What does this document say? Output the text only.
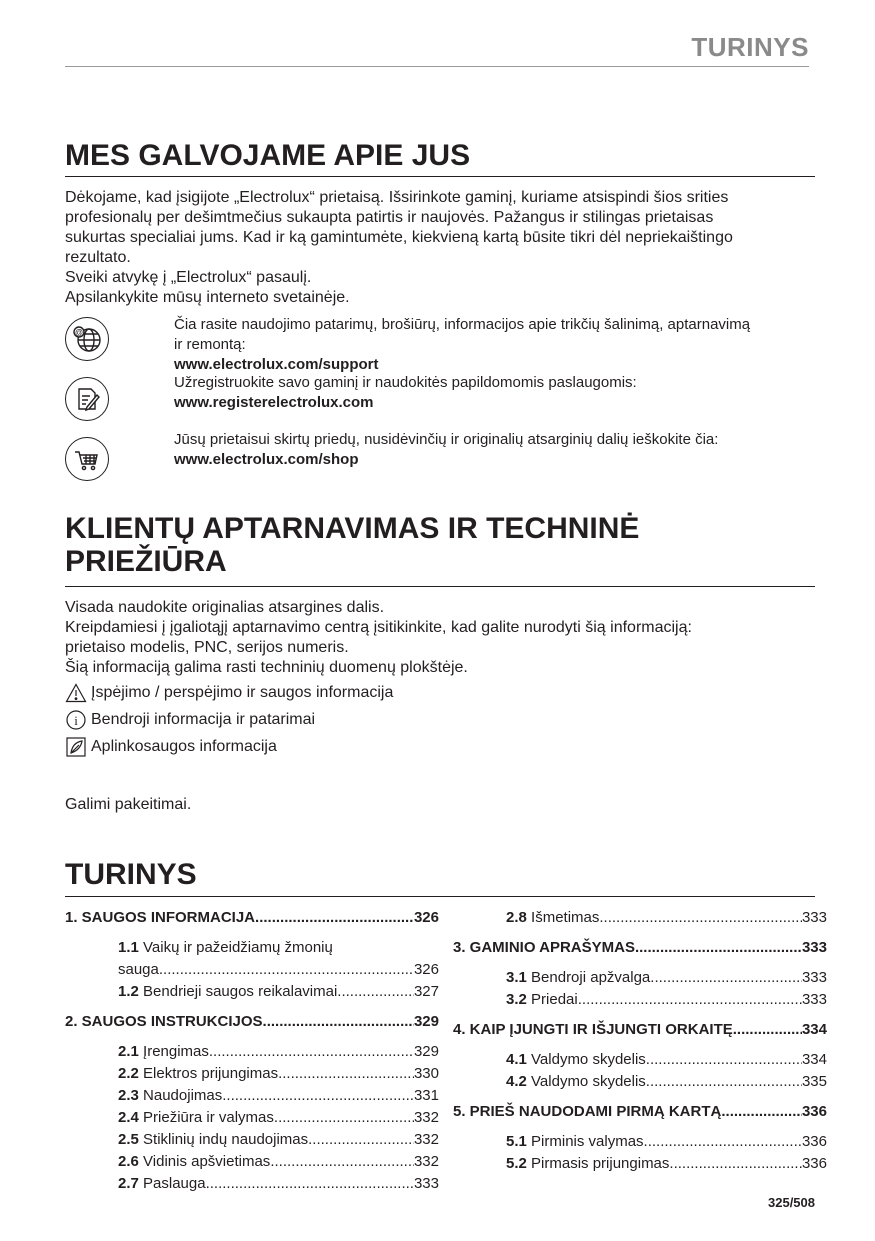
TURINYS
MES GALVOJAME APIE JUS
Dėkojame, kad įsigijote „Electrolux“ prietaisą. Išsirinkote gaminį, kuriame atsispindi šios srities
profesionalų per dešimtmečius sukaupta patirtis ir naujovės. Pažangus ir stilingas prietaisas
sukurtas specialiai jums. Kad ir ką gamintumėte, kiekvieną kartą būsite tikri dėl nepriekaištingo
rezultato.
Sveiki atvykę į „Electrolux“ pasaulį.
Apsilankykite mūsų interneto svetainėje.
@	Čia rasite naudojimo patarimų, brošiūrų, informacijos apie trikčių šalinimą, aptarnavimą
ir remontą:
www.electrolux.com/support
Užregistruokite savo gaminį ir naudokitės papildomomis paslaugomis:
www.registerelectrolux.com
Jūsų prietaisui skirtų priedų, nusidėvinčių ir originalių atsarginių dalių ieškokite čia:
www.electrolux.com/shop
KLIENTŲ APTARNAVIMAS IR TECHNINĖ
PRIEŽIŪRA
Visada naudokite originalias atsargines dalis.
Kreipdamiesi į įgaliotąjį aptarnavimo centrą įsitikinkite, kad galite nurodyti šią informaciją:
prietaiso modelis, PNC, serijos numeris.
Šią informaciją galima rasti techninių duomenų plokštėje.
Įspėjimo / perspėjimo ir saugos informacija
i Bendroji informacija ir patarimai
Aplinkosaugos informacija
Galimi pakeitimai.
TURINYS
1. SAUGOS INFORMACIJA .....	326
1.1 Vaikų ir pažeidžiamų žmonių
sauga .....	326
1.2 Bendrieji saugos reikalavimai .....	327
2. SAUGOS INSTRUKCIJOS .....	329
2.1 Įrengimas .....	329
2.2 Elektros prijungimas .....	330
2.3 Naudojimas .....	331
2.4 Priežiūra ir valymas .....	332
2.5 Stiklinių indų naudojimas .....	332
2.6 Vidinis apšvietimas .....	332
2.7 Paslauga .....	333
2.8 Išmetimas .....	333
3. GAMINIO APRAŠYMAS .....	333
3.1 Bendroji apžvalga .....	333
3.2 Priedai .....	333
4. KAIP ĮJUNGTI IR IŠJUNGTI ORKAITĘ .....	334
4.1 Valdymo skydelis .....	334
4.2 Valdymo skydelis .....	335
5. PRIEŠ NAUDODAMI PIRMĄ KARTĄ .....	336
5.1 Pirminis valymas .....	336
5.2 Pirmasis prijungimas .....	336
325/508
